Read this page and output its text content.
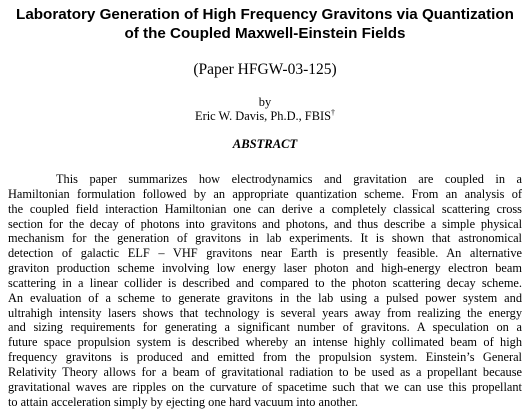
Laboratory Generation of High Frequency Gravitons via Quantization
of the Coupled Maxwell-Einstein Fields
(Paper HFGW-03-125)
by
Eric W. Davis, Ph.D., FBIS†
ABSTRACT
This paper summarizes how electrodynamics and gravitation are coupled in a
Hamiltonian formulation followed by an appropriate quantization scheme. From an analysis of
the coupled field interaction Hamiltonian one can derive a completely classical scattering cross
section for the decay of photons into gravitons and photons, and thus describe a simple physical
mechanism for the generation of gravitons in lab experiments. It is shown that astronomical
detection of galactic ELF – VHF gravitons near Earth is presently feasible. An alternative
graviton production scheme involving low energy laser photon and high-energy electron beam
scattering in a linear collider is described and compared to the photon scattering decay scheme.
An evaluation of a scheme to generate gravitons in the lab using a pulsed power system and
ultrahigh intensity lasers shows that technology is several years away from realizing the energy
and sizing requirements for generating a significant number of gravitons. A speculation on a
future space propulsion system is described whereby an intense highly collimated beam of high
frequency gravitons is produced and emitted from the propulsion system. Einstein’s General
Relativity Theory allows for a beam of gravitational radiation to be used as a propellant because
gravitational waves are ripples on the curvature of spacetime such that we can use this propellant
to attain acceleration simply by ejecting one hard vacuum into another.
